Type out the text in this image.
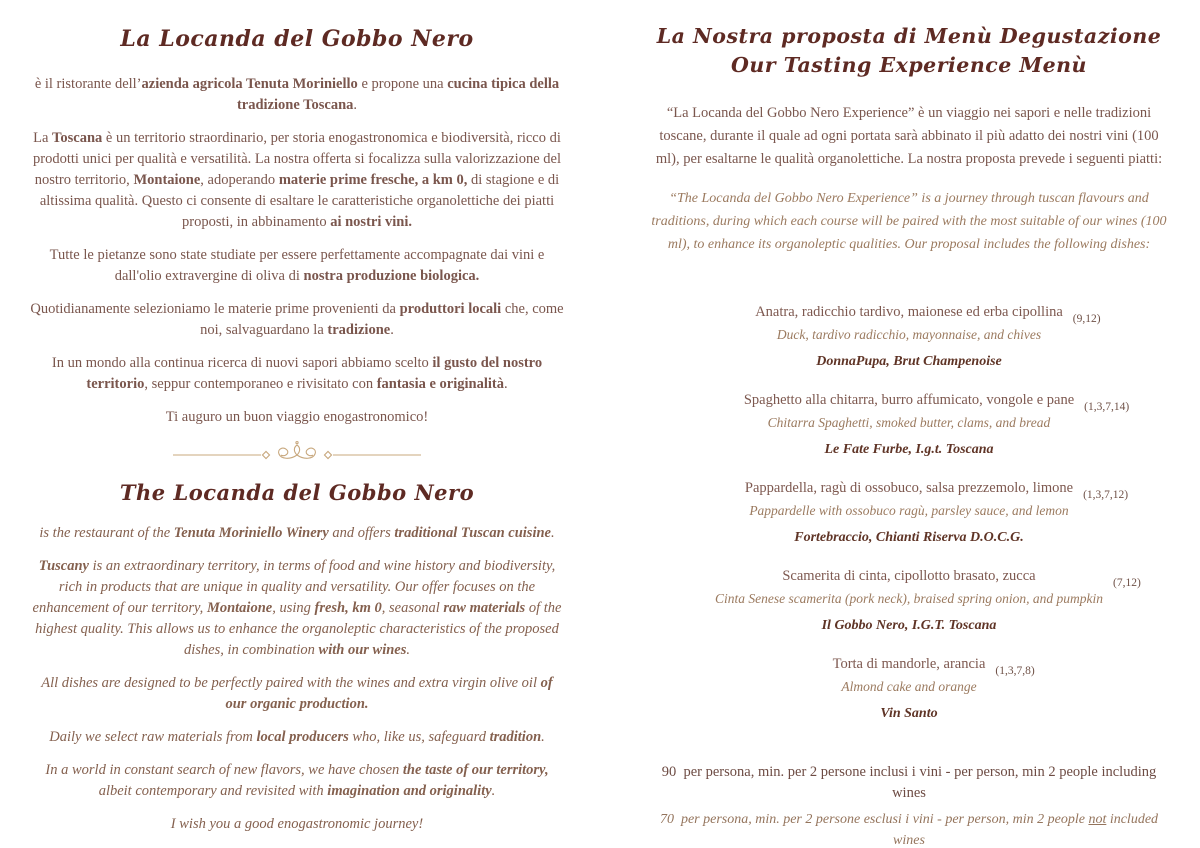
La Locanda del Gobbo Nero

è il ristorante dell’azienda agricola Tenuta Moriniello e propone una cucina tipica della tradizione Toscana.

La Toscana è un territorio straordinario, per storia enogastronomica e biodiversità, ricco di prodotti unici per qualità e versatilità. La nostra offerta si focalizza sulla valorizzazione del nostro territorio, Montaione, adoperando materie prime fresche, a km 0, di stagione e di altissima qualità. Questo ci consente di esaltare le caratteristiche organolettiche dei piatti proposti, in abbinamento ai nostri vini.

Tutte le pietanze sono state studiate per essere perfettamente accompagnate dai vini e dall'olio extravergine di oliva di nostra produzione biologica.

Quotidianamente selezioniamo le materie prime provenienti da produttori locali che, come noi, salvaguardano la tradizione.

In un mondo alla continua ricerca di nuovi sapori abbiamo scelto il gusto del nostro territorio, seppur contemporaneo e rivisitato con fantasia e originalità.

Ti auguro un buon viaggio enogastronomico!

The Locanda del Gobbo Nero

is the restaurant of the Tenuta Moriniello Winery and offers traditional Tuscan cuisine.

Tuscany is an extraordinary territory, in terms of food and wine history and biodiversity, rich in products that are unique in quality and versatility. Our offer focuses on the enhancement of our territory, Montaione, using fresh, km 0, seasonal raw materials of the highest quality. This allows us to enhance the organoleptic characteristics of the proposed dishes, in combination with our wines.

All dishes are designed to be perfectly paired with the wines and extra virgin olive oil of our organic production.

Daily we select raw materials from local producers who, like us, safeguard tradition.

In a world in constant search of new flavors, we have chosen the taste of our territory, albeit contemporary and revisited with imagination and originality.

I wish you a good enogastronomic journey!

La Nostra proposta di Menù Degustazione
Our Tasting Experience Menù

“La Locanda del Gobbo Nero Experience” è un viaggio nei sapori e nelle tradizioni toscane, durante il quale ad ogni portata sarà abbinato il più adatto dei nostri vini (100 ml), per esaltarne le qualità organolettiche. La nostra proposta prevede i seguenti piatti:

“The Locanda del Gobbo Nero Experience” is a journey through tuscan flavours and traditions, during which each course will be paired with the most suitable of our wines (100 ml), to enhance its organoleptic qualities. Our proposal includes the following dishes:

Anatra, radicchio tardivo, maionese ed erba cipollina
Duck, tardivo radicchio, mayonnaise, and chives
DonnaPupa, Brut Champenoise
(9,12)
Spaghetto alla chitarra, burro affumicato, vongole e pane
Chitarra Spaghetti, smoked butter, clams, and bread
Le Fate Furbe, I.g.t. Toscana
(1,3,7,14)
Pappardella, ragù di ossobuco, salsa prezzemolo, limone
Pappardelle with ossobuco ragù, parsley sauce, and lemon
Fortebraccio, Chianti Riserva D.O.C.G.
(1,3,7,12)
Scamerita di cinta, cipollotto brasato, zucca
Cinta Senese scamerita (pork neck), braised spring onion, and pumpkin
Il Gobbo Nero, I.G.T. Toscana
(7,12)
Torta di mandorle, arancia
Almond cake and orange
Vin Santo
(1,3,7,8)

90  per persona, min. per 2 persone inclusi i vini - per person, min 2 people including wines

70  per persona, min. per 2 persone esclusi i vini - per person, min 2 people not included wines
